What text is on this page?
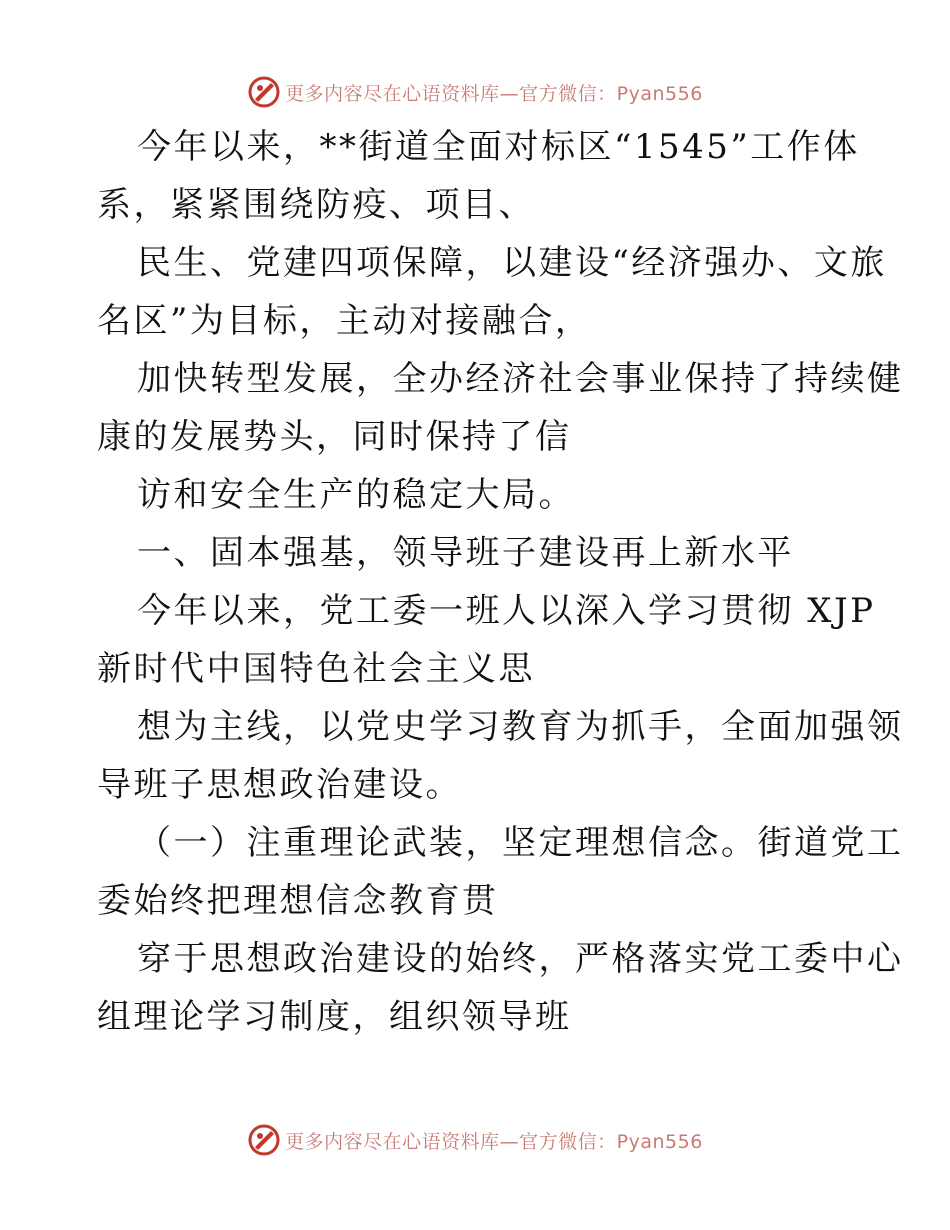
更多内容尽在心语资料库—官方微信：Pyan556
今年以来，**街道全面对标区“1545”工作体
系，紧紧围绕防疫、项目、
民生、党建四项保障，以建设“经济强办、文旅
名区”为目标，主动对接融合，
加快转型发展，全办经济社会事业保持了持续健
康的发展势头，同时保持了信
访和安全生产的稳定大局。
一、固本强基，领导班子建设再上新水平
今年以来，党工委一班人以深入学习贯彻 XJP
新时代中国特色社会主义思
想为主线，以党史学习教育为抓手，全面加强领
导班子思想政治建设。
（一）注重理论武装，坚定理想信念。街道党工
委始终把理想信念教育贯
穿于思想政治建设的始终，严格落实党工委中心
组理论学习制度，组织领导班
更多内容尽在心语资料库—官方微信：Pyan556
